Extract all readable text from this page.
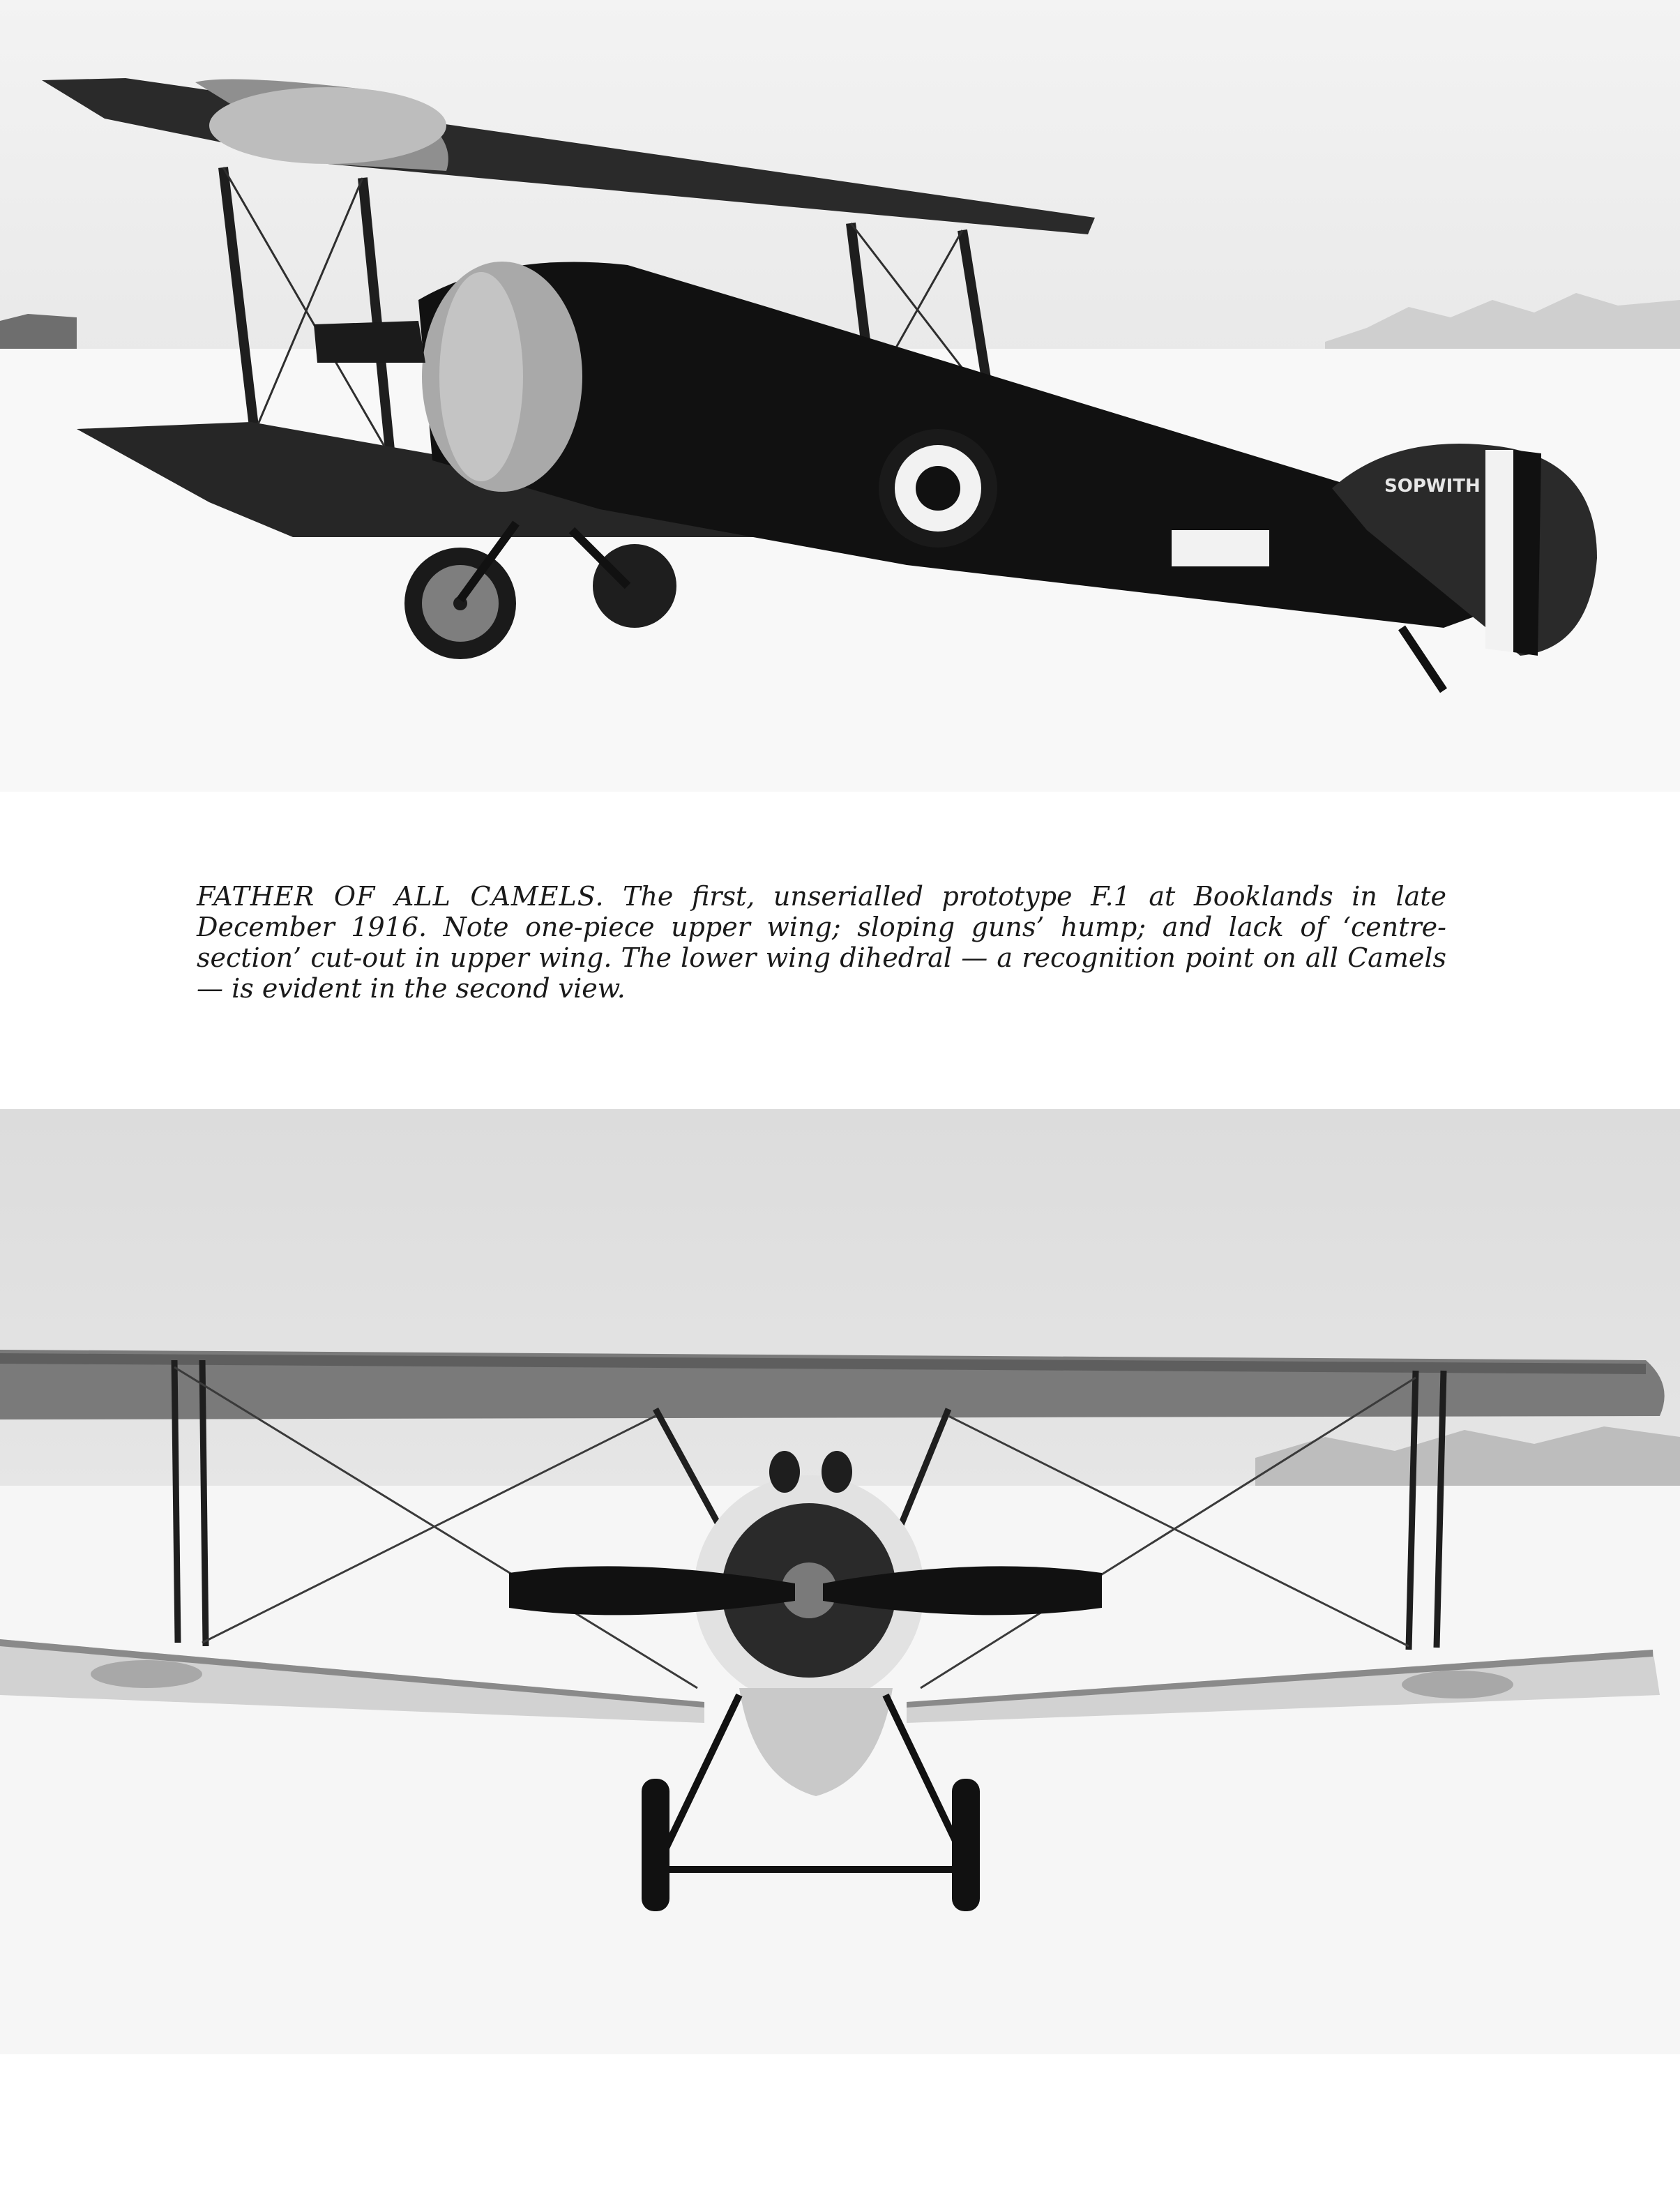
SOPWITH
FATHER OF ALL CAMELS. The first, unserialled prototype F.1 at Booklands in late December 1916. Note one-piece upper wing; sloping guns’ hump; and lack of ‘centre-section’ cut-out in upper wing. The lower wing dihedral — a recognition point on all Camels — is evident in the second view.
